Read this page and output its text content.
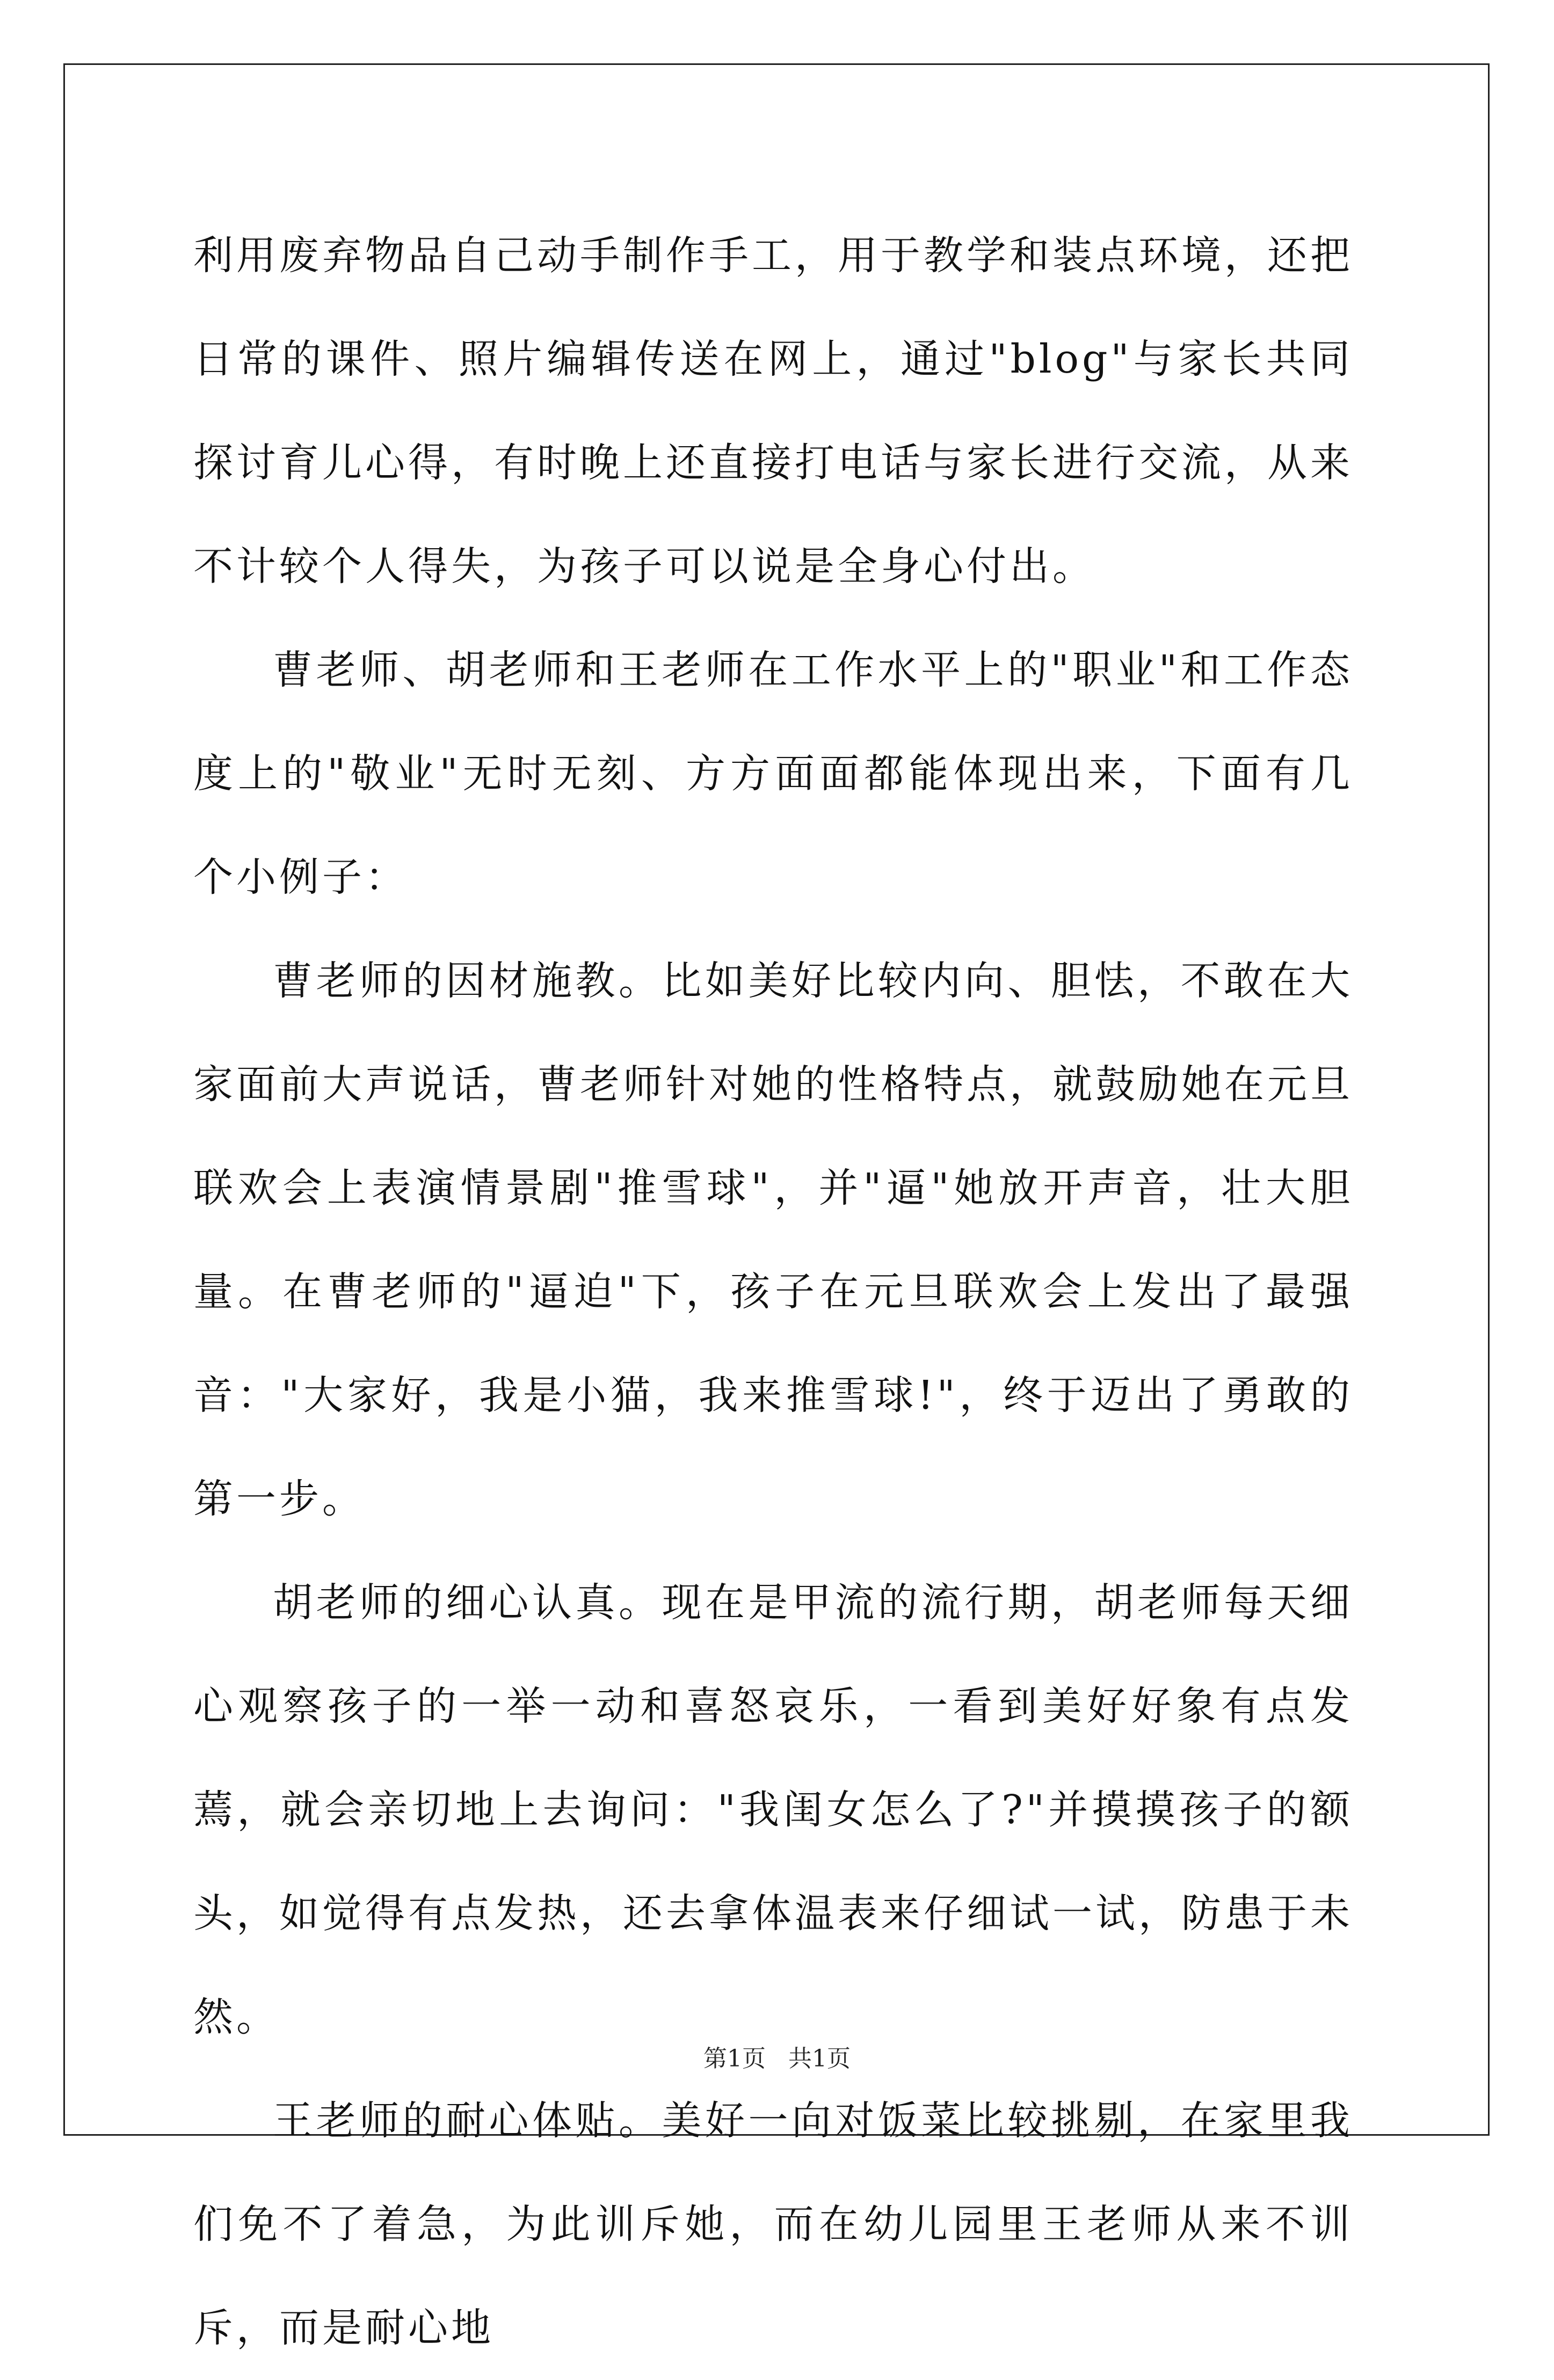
利用废弃物品自己动手制作手工，用于教学和装点环境，还把日常的课件、照片编辑传送在网上，通过"blog"与家长共同探讨育儿心得，有时晚上还直接打电话与家长进行交流，从来不计较个人得失，为孩子可以说是全身心付出。

曹老师、胡老师和王老师在工作水平上的"职业"和工作态度上的"敬业"无时无刻、方方面面都能体现出来，下面有几个小例子：

曹老师的因材施教。比如美好比较内向、胆怯，不敢在大家面前大声说话，曹老师针对她的性格特点，就鼓励她在元旦联欢会上表演情景剧"推雪球"，并"逼"她放开声音，壮大胆量。在曹老师的"逼迫"下，孩子在元旦联欢会上发出了最强音："大家好，我是小猫，我来推雪球!"，终于迈出了勇敢的第一步。

胡老师的细心认真。现在是甲流的流行期，胡老师每天细心观察孩子的一举一动和喜怒哀乐，一看到美好好象有点发蔫，就会亲切地上去询问："我闺女怎么了?"并摸摸孩子的额头，如觉得有点发热，还去拿体温表来仔细试一试，防患于未然。

王老师的耐心体贴。美好一向对饭菜比较挑剔，在家里我们免不了着急，为此训斥她，而在幼儿园里王老师从来不训斥，而是耐心地

第1页 共1页
